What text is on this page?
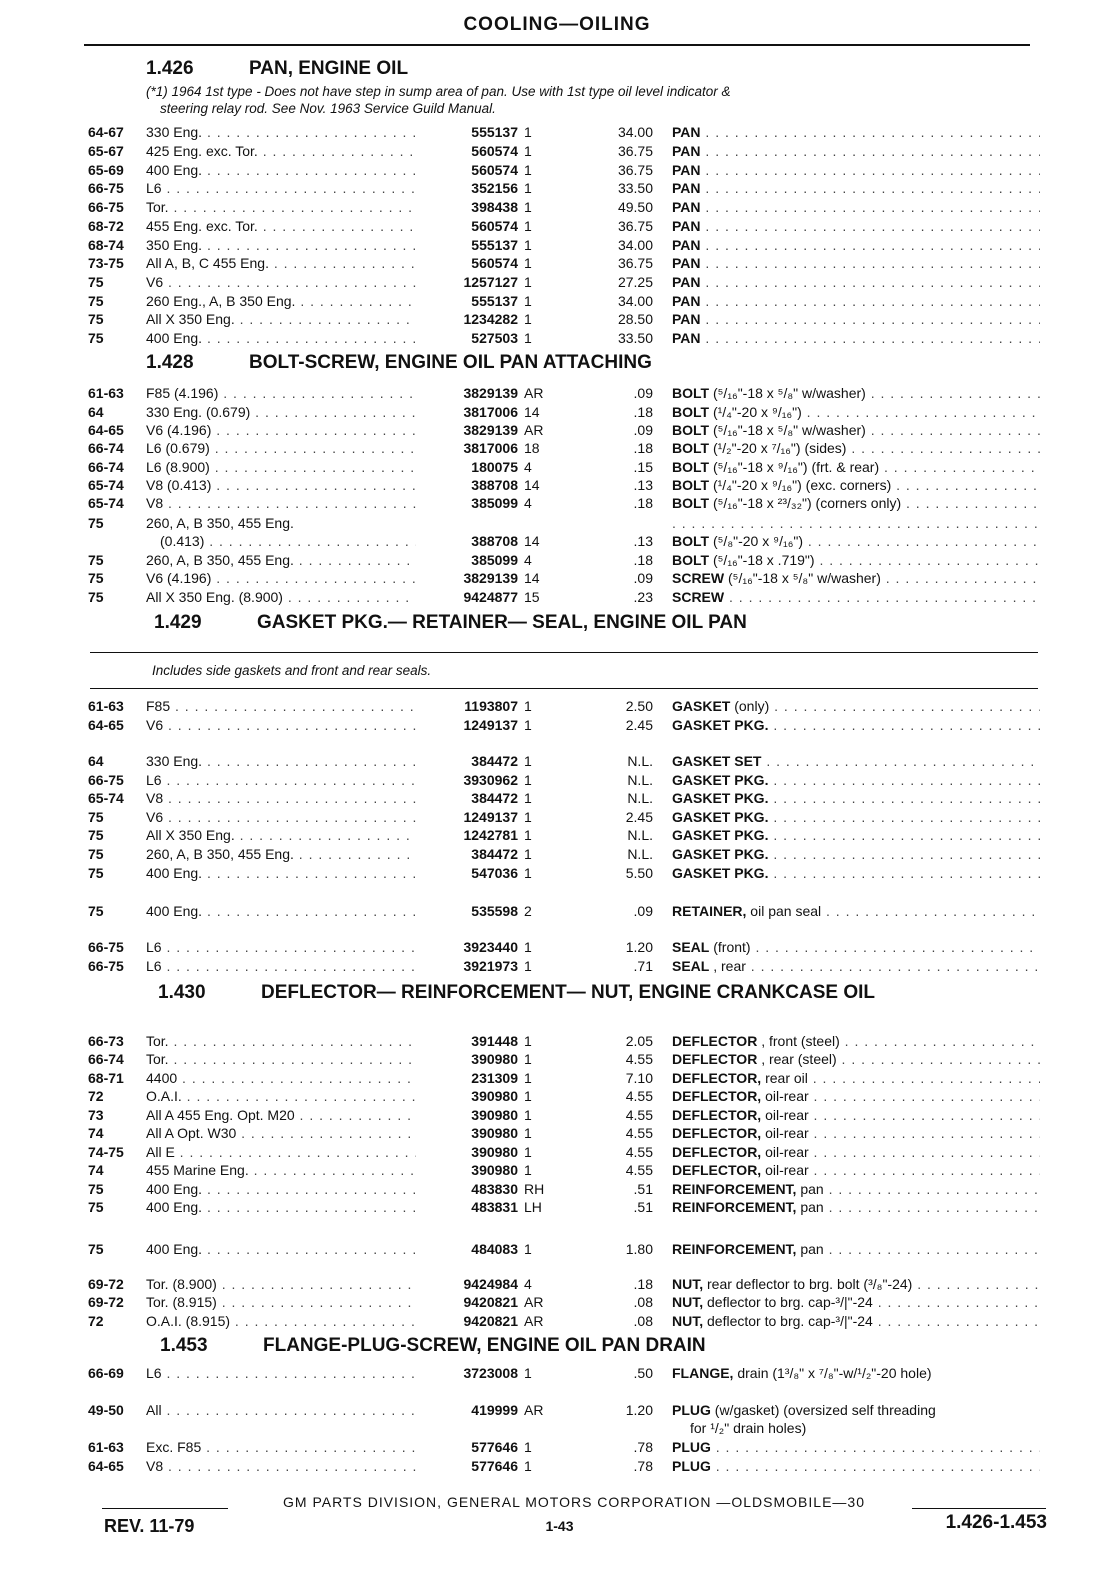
COOLING—OILING
1.426	PAN, ENGINE OIL
(*1) 1964 1st type - Does not have step in sump area of pan. Use with 1st type oil level indicator &
steering relay rod. See Nov. 1963 Service Guild Manual.
64-67 330 Eng. . . .	555137 1	34.00 PAN . . .
65-67 425 Eng. exc. Tor. . . .	560574 1	36.75 PAN . . .
65-69 400 Eng. . . .	560574 1	36.75 PAN . . .
66-75 L6 . . .	352156 1	33.50 PAN . . .
66-75 Tor. . . .	398438 1	49.50 PAN . . .
68-72 455 Eng. exc. Tor. . . .	560574 1	36.75 PAN . . .
68-74 350 Eng. . . .	555137 1	34.00 PAN . . .
73-75 All A, B, C 455 Eng. . . .	560574 1	36.75 PAN . . .
75	V6 . . .	1257127 1	27.25 PAN . . .
75	260 Eng., A, B 350 Eng. . . .	555137 1	34.00 PAN . . .
75	All X 350 Eng. . . .	1234282 1	28.50 PAN . . .
75	400 Eng. . . .	527503 1	33.50 PAN . . .
1.428	BOLT-SCREW, ENGINE OIL PAN ATTACHING
61-63 F85 (4.196) . . .	3829139 AR	.09 BOLT (⁵/₁₆"-18 x ⁵/₈" w/washer) . . .
64	330 Eng. (0.679) . . .	3817006 14	.18 BOLT (¹/₄"-20 x ⁹/₁₆") . . .
64-65 V6 (4.196) . . .	3829139 AR	.09 BOLT (⁵/₁₆"-18 x ⁵/₈" w/washer) . . .
66-74 L6 (0.679) . . .	3817006 18	.18 BOLT (¹/₂"-20 x ⁷/₁₆") (sides) . . .
66-74 L6 (8.900) . . .	180075 4	.15 BOLT (⁵/₁₆"-18 x ⁹/₁₆") (frt. & rear) . . .
65-74 V8 (0.413) . . .	388708 14	.13 BOLT (¹/₄"-20 x ⁹/₁₆") (exc. corners) . . .
65-74 V8 . . .	385099 4	.18 BOLT (⁵/₁₆"-18 x ²³/₃₂") (corners only) . . .
75	260, A, B 350, 455 Eng.
. . .
(0.413) . . .	388708 14	.13 BOLT (⁵/₈"-20 x ⁹/₁₆") . . .
75	260, A, B 350, 455 Eng. . . .	385099 4	.18 BOLT (⁵/₁₆"-18 x .719") . . .
75	V6 (4.196) . . .	3829139 14	.09 SCREW (⁵/₁₆"-18 x ⁵/₈" w/washer) . . .
75	All X 350 Eng. (8.900) . . .	9424877 15	.23 SCREW . . .
1.429	GASKET PKG.— RETAINER— SEAL, ENGINE OIL PAN
Includes side gaskets and front and rear seals.
61-63 F85 . . .	1193807 1	2.50 GASKET (only) . . .
64-65 V6 . . .	1249137 1	2.45 GASKET PKG. . . .
64	330 Eng. . . .	384472 1	N.L. GASKET SET . . .
66-75 L6 . . .	3930962 1	N.L. GASKET PKG. . . .
65-74 V8 . . .	384472 1	N.L. GASKET PKG. . . .
75	V6 . . .	1249137 1	2.45 GASKET PKG. . . .
75	All X 350 Eng. . . .	1242781 1	N.L. GASKET PKG. . . .
75	260, A, B 350, 455 Eng. . . .	384472 1	N.L. GASKET PKG. . . .
75	400 Eng. . . .	547036 1	5.50 GASKET PKG. . . .
75	400 Eng. . . .	535598 2	.09 RETAINER, oil pan seal . . .
66-75 L6 . . .	3923440 1	1.20 SEAL (front) . . .
66-75 L6 . . .	3921973 1	.71 SEAL , rear . . .
1.430	DEFLECTOR— REINFORCEMENT— NUT, ENGINE CRANKCASE OIL
66-73 Tor. . . .	391448 1	2.05 DEFLECTOR , front (steel) . . .
66-74 Tor. . . .	390980 1	4.55 DEFLECTOR , rear (steel) . . .
68-71 4400 . . .	231309 1	7.10 DEFLECTOR, rear oil . . .
72	O.A.I. . . .	390980 1	4.55 DEFLECTOR, oil-rear . . .
73	All A 455 Eng. Opt. M20 . . .	390980 1	4.55 DEFLECTOR, oil-rear . . .
74	All A Opt. W30 . . .	390980 1	4.55 DEFLECTOR, oil-rear . . .
74-75 All E . . .	390980 1	4.55 DEFLECTOR, oil-rear . . .
74	455 Marine Eng. . . .	390980 1	4.55 DEFLECTOR, oil-rear . . .
75	400 Eng. . . .	483830 RH	.51 REINFORCEMENT, pan . . .
75	400 Eng. . . .	483831 LH	.51 REINFORCEMENT, pan . . .
75	400 Eng. . . .	484083 1	1.80 REINFORCEMENT, pan . . .
69-72 Tor. (8.900) . . .	9424984 4	.18 NUT, rear deflector to brg. bolt (³/₈"-24) . . .
69-72 Tor. (8.915) . . .	9420821 AR	.08 NUT, deflector to brg. cap-³/|"-24 . . .
72	O.A.I. (8.915) . . .	9420821 AR	.08 NUT, deflector to brg. cap-³/|"-24 . . .
1.453	FLANGE-PLUG-SCREW, ENGINE OIL PAN DRAIN
66-69 L6 . . .	3723008 1	.50 FLANGE, drain (1³/₈" x ⁷/₈"-w/¹/₂"-20 hole)
49-50 All . . .	419999 AR	1.20 PLUG (w/gasket) (oversized self threading
for ¹/₂" drain holes)
61-63 Exc. F85 . . .	577646 1	.78 PLUG . . .
64-65 V8 . . .	577646 1	.78 PLUG . . .
GM PARTS DIVISION, GENERAL MOTORS CORPORATION —OLDSMOBILE—30
REV. 11-79	1-43	1.426-1.453
